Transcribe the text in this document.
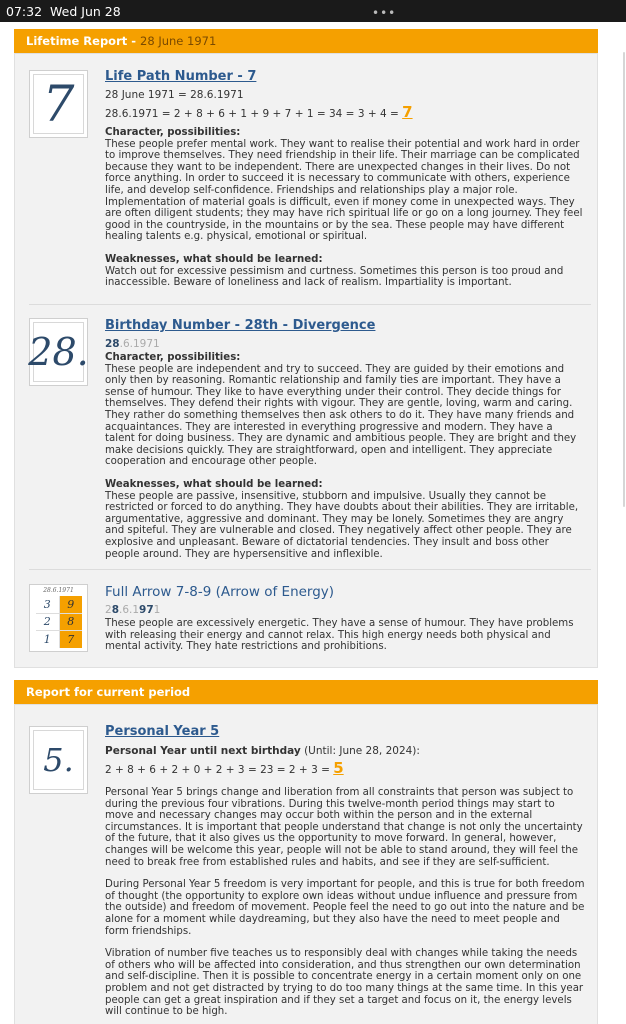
07:32 Wed Jun 28	•••
Lifetime Report - 28 June 1971
7	Life Path Number - 7
28 June 1971 = 28.6.1971
28.6.1971 = 2 + 8 + 6 + 1 + 9 + 7 + 1 = 34 = 3 + 4 = 7
Character, possibilities:
These people prefer mental work. They want to realise their potential and work hard in order to improve themselves. They need friendship in their life. Their marriage can be complicated because they want to be independent. There are unexpected changes in their lives. Do not force anything. In order to succeed it is necessary to communicate with others, experience life, and develop self-confidence. Friendships and relationships play a major role. Implementation of material goals is difficult, even if money come in unexpected ways. They are often diligent students; they may have rich spiritual life or go on a long journey. They feel good in the countryside, in the mountains or by the sea. These people may have different healing talents e.g. physical, emotional or spiritual.
Weaknesses, what should be learned:
Watch out for excessive pessimism and curtness. Sometimes this person is too proud and inaccessible. Beware of loneliness and lack of realism. Impartiality is important.
28.
Birthday Number - 28th - Divergence
28.6.1971
Character, possibilities:
These people are independent and try to succeed. They are guided by their emotions and only then by reasoning. Romantic relationship and family ties are important. They have a sense of humour. They like to have everything under their control. They decide things for themselves. They defend their rights with vigour. They are gentle, loving, warm and caring. They rather do something themselves then ask others to do it. They have many friends and acquaintances. They are interested in everything progressive and modern. They have a talent for doing business. They are dynamic and ambitious people. They are bright and they make decisions quickly. They are straightforward, open and intelligent. They appreciate cooperation and encourage other people.
Weaknesses, what should be learned:
These people are passive, insensitive, stubborn and impulsive. Usually they cannot be restricted or forced to do anything. They have doubts about their abilities. They are irritable, argumentative, aggressive and dominant. They may be lonely. Sometimes they are angry and spiteful. They are vulnerable and closed. They negatively affect other people. They are explosive and unpleasant. Beware of dictatorial tendencies. They insult and boss other people around. They are hypersensitive and inflexible.
28.6.1971
3	9
2	8
1	7
Full Arrow 7-8-9 (Arrow of Energy)
28.6.1971
These people are excessively energetic. They have a sense of humour. They have problems with releasing their energy and cannot relax. This high energy needs both physical and mental activity. They hate restrictions and prohibitions.
Report for current period
5.
Personal Year 5
Personal Year until next birthday (Until: June 28, 2024):
2 + 8 + 6 + 2 + 0 + 2 + 3 = 23 = 2 + 3 = 5
Personal Year 5 brings change and liberation from all constraints that person was subject to during the previous four vibrations. During this twelve-month period things may start to move and necessary changes may occur both within the person and in the external circumstances. It is important that people understand that change is not only the uncertainty of the future, that it also gives us the opportunity to move forward. In general, however, changes will be welcome this year, people will not be able to stand around, they will feel the need to break free from established rules and habits, and see if they are self-sufficient.
During Personal Year 5 freedom is very important for people, and this is true for both freedom of thought (the opportunity to explore own ideas without undue influence and pressure from the outside) and freedom of movement. People feel the need to go out into the nature and be alone for a moment while daydreaming, but they also have the need to meet people and form friendships.
Vibration of number five teaches us to responsibly deal with changes while taking the needs of others who will be affected into consideration, and thus strengthen our own determination and self-discipline. Then it is possible to concentrate energy in a certain moment only on one problem and not get distracted by trying to do too many things at the same time. In this year people can get a great inspiration and if they set a target and focus on it, the energy levels will continue to be high.
